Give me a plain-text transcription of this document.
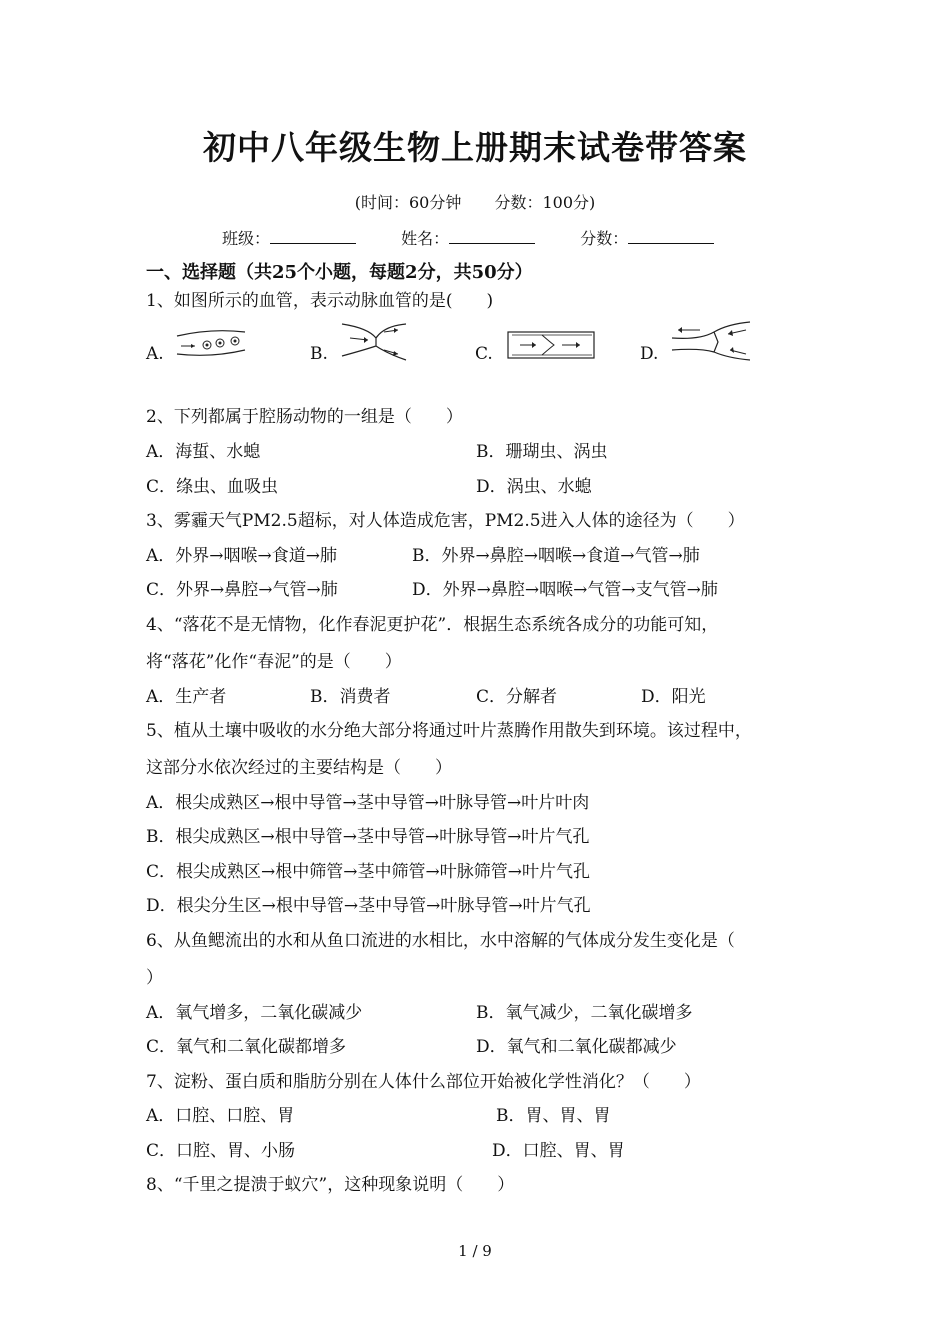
初中八年级生物上册期末试卷带答案
(时间：60分钟 分数：100分)
班级：	姓名：	分数：
一、选择题（共25个小题，每题2分，共50分）
1、如图所示的血管，表示动脉血管的是(　　)
A.	B.	C.	D.
2、下列都属于腔肠动物的一组是（　　）
A．海蜇、水螅	B．珊瑚虫、涡虫
C．绦虫、血吸虫	D．涡虫、水螅
3、雾霾天气PM2.5超标，对人体造成危害，PM2.5进入人体的途径为（　　）
A．外界→咽喉→食道→肺	B．外界→鼻腔→咽喉→食道→气管→肺
C．外界→鼻腔→气管→肺	D．外界→鼻腔→咽喉→气管→支气管→肺
4、“落花不是无情物，化作春泥更护花”．根据生态系统各成分的功能可知，
将“落花”化作“春泥”的是（　　）
A．生产者	B．消费者	C．分解者	D．阳光
5、植从土壤中吸收的水分绝大部分将通过叶片蒸腾作用散失到环境。该过程中，
这部分水依次经过的主要结构是（　　）
A．根尖成熟区→根中导管→茎中导管→叶脉导管→叶片叶肉
B．根尖成熟区→根中导管→茎中导管→叶脉导管→叶片气孔
C．根尖成熟区→根中筛管→茎中筛管→叶脉筛管→叶片气孔
D．根尖分生区→根中导管→茎中导管→叶脉导管→叶片气孔
6、从鱼鳃流出的水和从鱼口流进的水相比，水中溶解的气体成分发生变化是（
）
A．氧气增多，二氧化碳减少	B．氧气减少，二氧化碳增多
C．氧气和二氧化碳都增多	D．氧气和二氧化碳都减少
7、淀粉、蛋白质和脂肪分别在人体什么部位开始被化学性消化？（　　）
A．口腔、口腔、胃	B．胃、胃、胃
C．口腔、胃、小肠	D．口腔、胃、胃
8、“千里之提溃于蚁穴”，这种现象说明（　　）
1 / 9
